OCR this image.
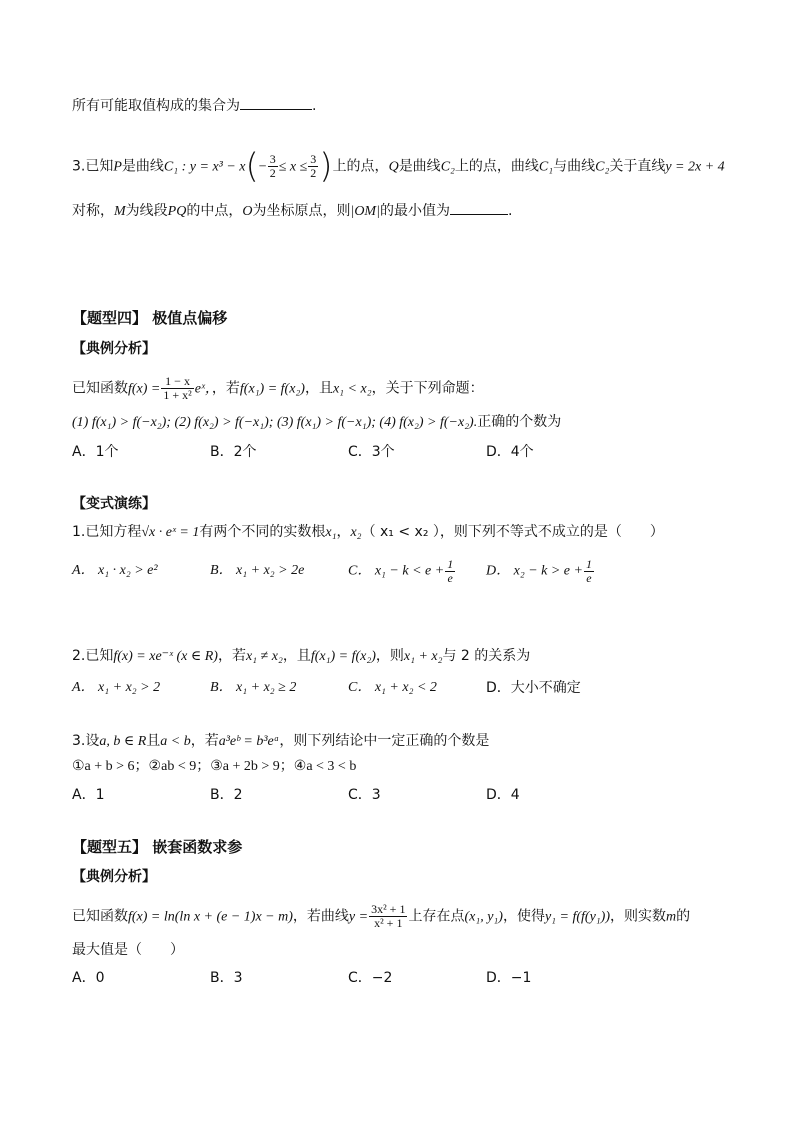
所有可能取值构成的集合为	.
3.已知P是曲线C₁ : $y = x^3 - x(- \frac{3}{2} \le x \le \frac{3}{2}$ )上的点，Q是曲线C₂上的点，曲线C₁与曲线C₂关于直线y = 2x + 4
对称，M为线段PQ的中点，O为坐标原点，则|OM|的最小值为	.
【题型四】 极值点偏移
【典例分析】
已知函数$f(x) = \frac{1 - x}{\text{1 + x²}}$ eˣ，，若f(x₁) = f(x₂)，且x₁ < x₂，关于下列命题：
(1) f(x₁) > f(−x₂); (2) f(x₂) > f(−x₁); (3) f(x₁) > f(−x₁); (4) f(x₂) > f(−x₂).正确的个数为
A．1个	B．2个	C．3个	D．4个
【变式演练】
1.已知方程√x · eˣ = 1有两个不同的实数根x₁，x₂（ x₁ < x₂ ），则下列不等式不成立的是（　　）
A． x₁ · x₂ > e²	B． x₁ + x₂ > 2e	C． $x_1 - k < e + \frac{1}{e}$ D． $x_2 - k > e + \frac{1}{e}$
2.已知f(x) = xe⁻ˣ (x ∈ R)，若x₁ ≠ x₂，且f(x₁) = f(x₂)，则x₁ + x₂与 2 的关系为
A． x₁ + x₂ > 2	B． x₁ + x₂ ≥ 2	C． x₁ + x₂ < 2	D．大小不确定
3.设a, b ∈ R且a < b，若a³eᵇ = b³eᵃ，则下列结论中一定正确的个数是
①a + b > 6；②ab < 9；③a + 2b > 9；④a < 3 < b
A．1	B．2	C．3	D．4
【题型五】 嵌套函数求参
【典例分析】
已知函数f(x) = ln(ln x + (e − 1)x − m)，若曲线$y = \frac{\text{3x² + 1}}{\text{x² + 1}}$ 上存在点(x₁, y₁)，使得y₁ = f(f(y₁))，则实数m的
最大值是（　　）
A．0	B．3	C．−2	D．−1
